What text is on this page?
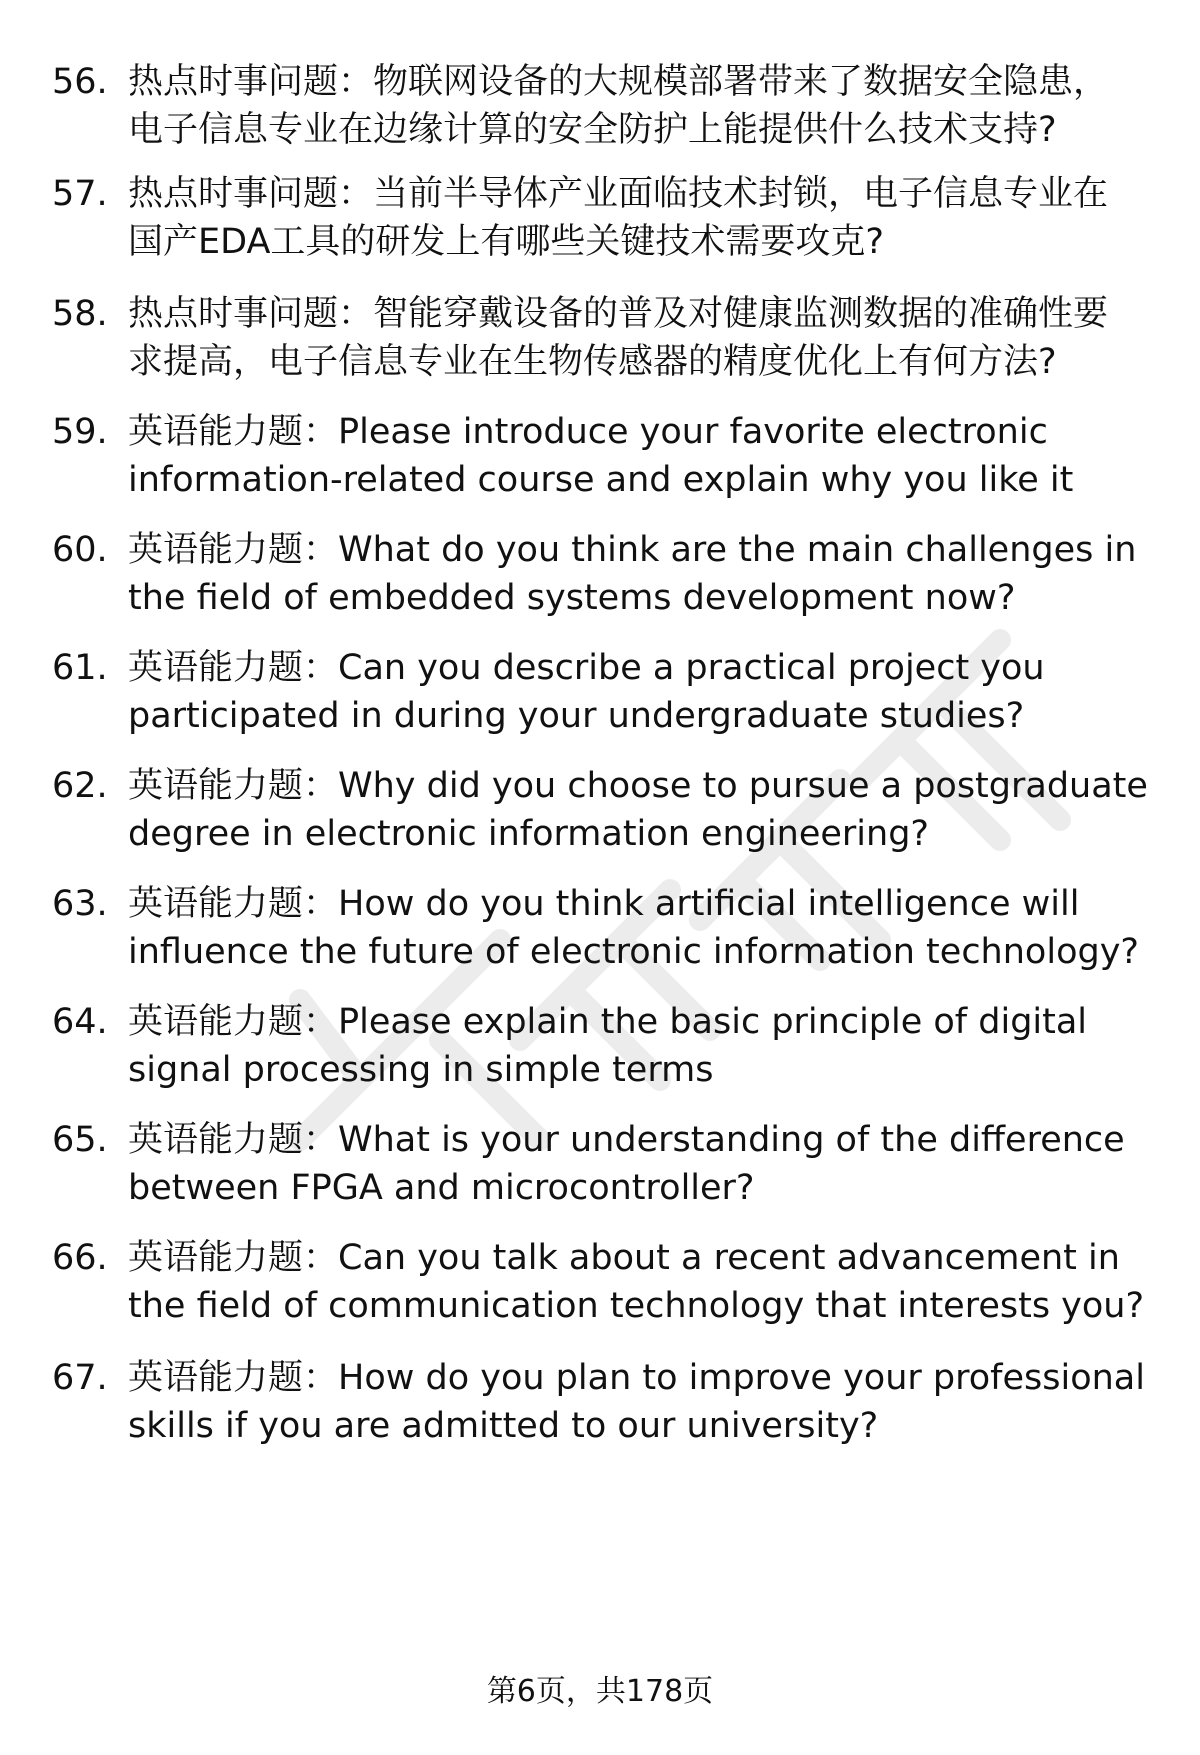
56. 热点时事问题：物联网设备的大规模部署带来了数据安全隐患，
电子信息专业在边缘计算的安全防护上能提供什么技术支持?
57. 热点时事问题：当前半导体产业面临技术封锁，电子信息专业在
国产EDA工具的研发上有哪些关键技术需要攻克?
58. 热点时事问题：智能穿戴设备的普及对健康监测数据的准确性要
求提高，电子信息专业在生物传感器的精度优化上有何方法?
59. 英语能力题：Please introduce your favorite electronic
information-related course and explain why you like it
60. 英语能力题：What do you think are the main challenges in
the field of embedded systems development now?
61. 英语能力题：Can you describe a practical project you
participated in during your undergraduate studies?
62. 英语能力题：Why did you choose to pursue a postgraduate
degree in electronic information engineering?
63. 英语能力题：How do you think artificial intelligence will
influence the future of electronic information technology?
64. 英语能力题：Please explain the basic principle of digital
signal processing in simple terms
65. 英语能力题：What is your understanding of the difference
between FPGA and microcontroller?
66. 英语能力题：Can you talk about a recent advancement in
the field of communication technology that interests you?
67. 英语能力题：How do you plan to improve your professional
skills if you are admitted to our university?
第6页，共178页
